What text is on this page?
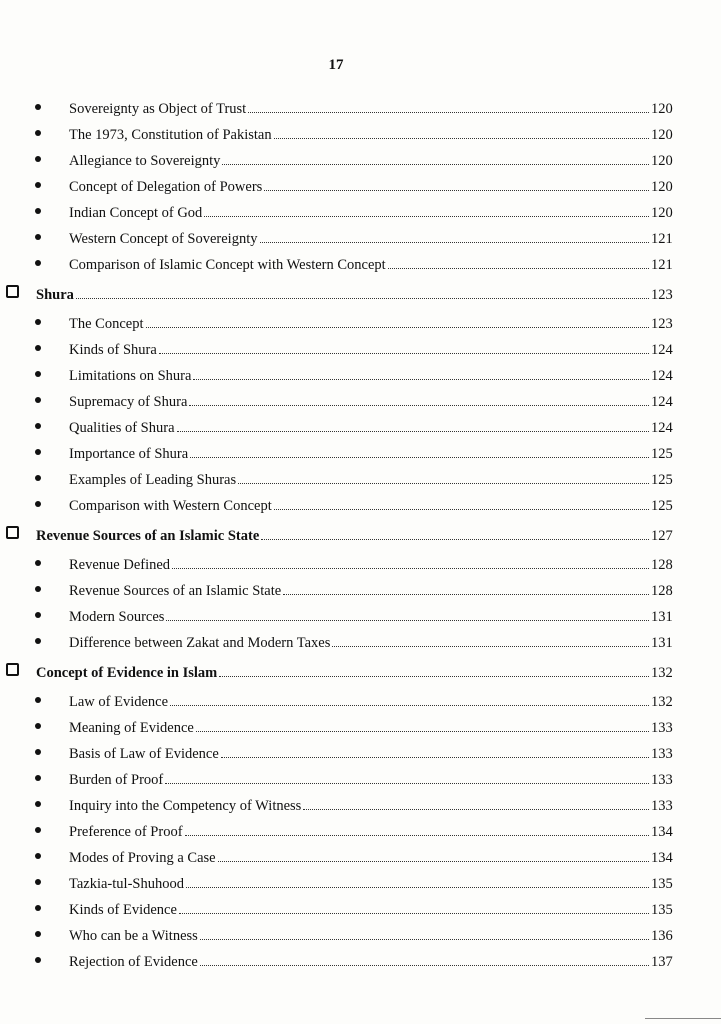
17
Sovereignty as Object of Trust	120
The 1973, Constitution of Pakistan	120
Allegiance to Sovereignty	120
Concept of Delegation of Powers	120
Indian Concept of God	120
Western Concept of Sovereignty	121
Comparison of Islamic Concept with Western Concept	121
Shura	123
The Concept	123
Kinds of Shura	124
Limitations on Shura	124
Supremacy of Shura	124
Qualities of Shura	124
Importance of Shura	125
Examples of Leading Shuras	125
Comparison with Western Concept	125
Revenue Sources of an Islamic State	127
Revenue Defined	128
Revenue Sources of an Islamic State	128
Modern Sources	131
Difference between Zakat and Modern Taxes	131
Concept of Evidence in Islam	132
Law of Evidence	132
Meaning of Evidence	133
Basis of Law of Evidence	133
Burden of Proof	133
Inquiry into the Competency of Witness	133
Preference of Proof	134
Modes of Proving a Case	134
Tazkia-tul-Shuhood	135
Kinds of Evidence	135
Who can be a Witness	136
Rejection of Evidence	137
